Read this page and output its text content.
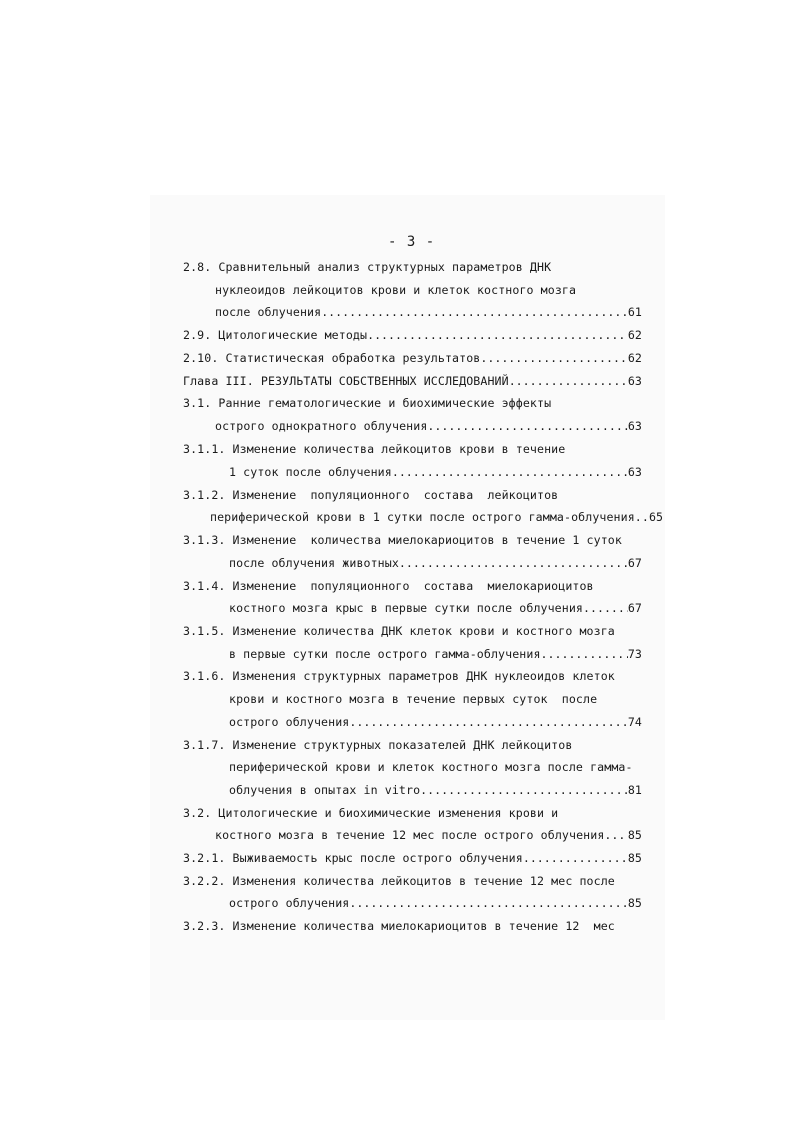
- 3 -
2.8. Сравнительный анализ структурных параметров ДНК
нуклеоидов лейкоцитов крови и клеток костного мозга
после облучения .....	61
2.9. Цитологические методы .....	62
2.10. Статистическая обработка результатов .....	62
Глава III. РЕЗУЛЬТАТЫ СОБСТВЕННЫХ ИССЛЕДОВАНИЙ .....	63
3.1. Ранние гематологические и биохимические эффекты
острого однократного облучения .....	63
3.1.1. Изменение количества лейкоцитов крови в течение
1 суток после облучения .....	63
3.1.2. Изменение  популяционного  состава  лейкоцитов
периферической крови в 1 сутки после острого гамма-облучения.. 65
3.1.3. Изменение  количества миелокариоцитов в течение 1 суток
после облучения животных .....	67
3.1.4. Изменение  популяционного  состава  миелокариоцитов
костного мозга крыс в первые сутки после облучения .....	67
3.1.5. Изменение количества ДНК клеток крови и костного мозга
в первые сутки после острого гамма-облучения .....	73
3.1.6. Изменения структурных параметров ДНК нуклеоидов клеток
крови и костного мозга в течение первых суток  после
острого облучения .....	74
3.1.7. Изменение структурных показателей ДНК лейкоцитов
периферической крови и клеток костного мозга после гамма-
облучения в опытах in vitro .....	81
3.2. Цитологические и биохимические изменения крови и
костного мозга в течение 12 мес после острого облучения ..... 85
3.2.1. Выживаемость крыс после острого облучения .....	85
3.2.2. Изменения количества лейкоцитов в течение 12 мес после
острого облучения .....	85
3.2.3. Изменение количества миелокариоцитов в течение 12  мес
